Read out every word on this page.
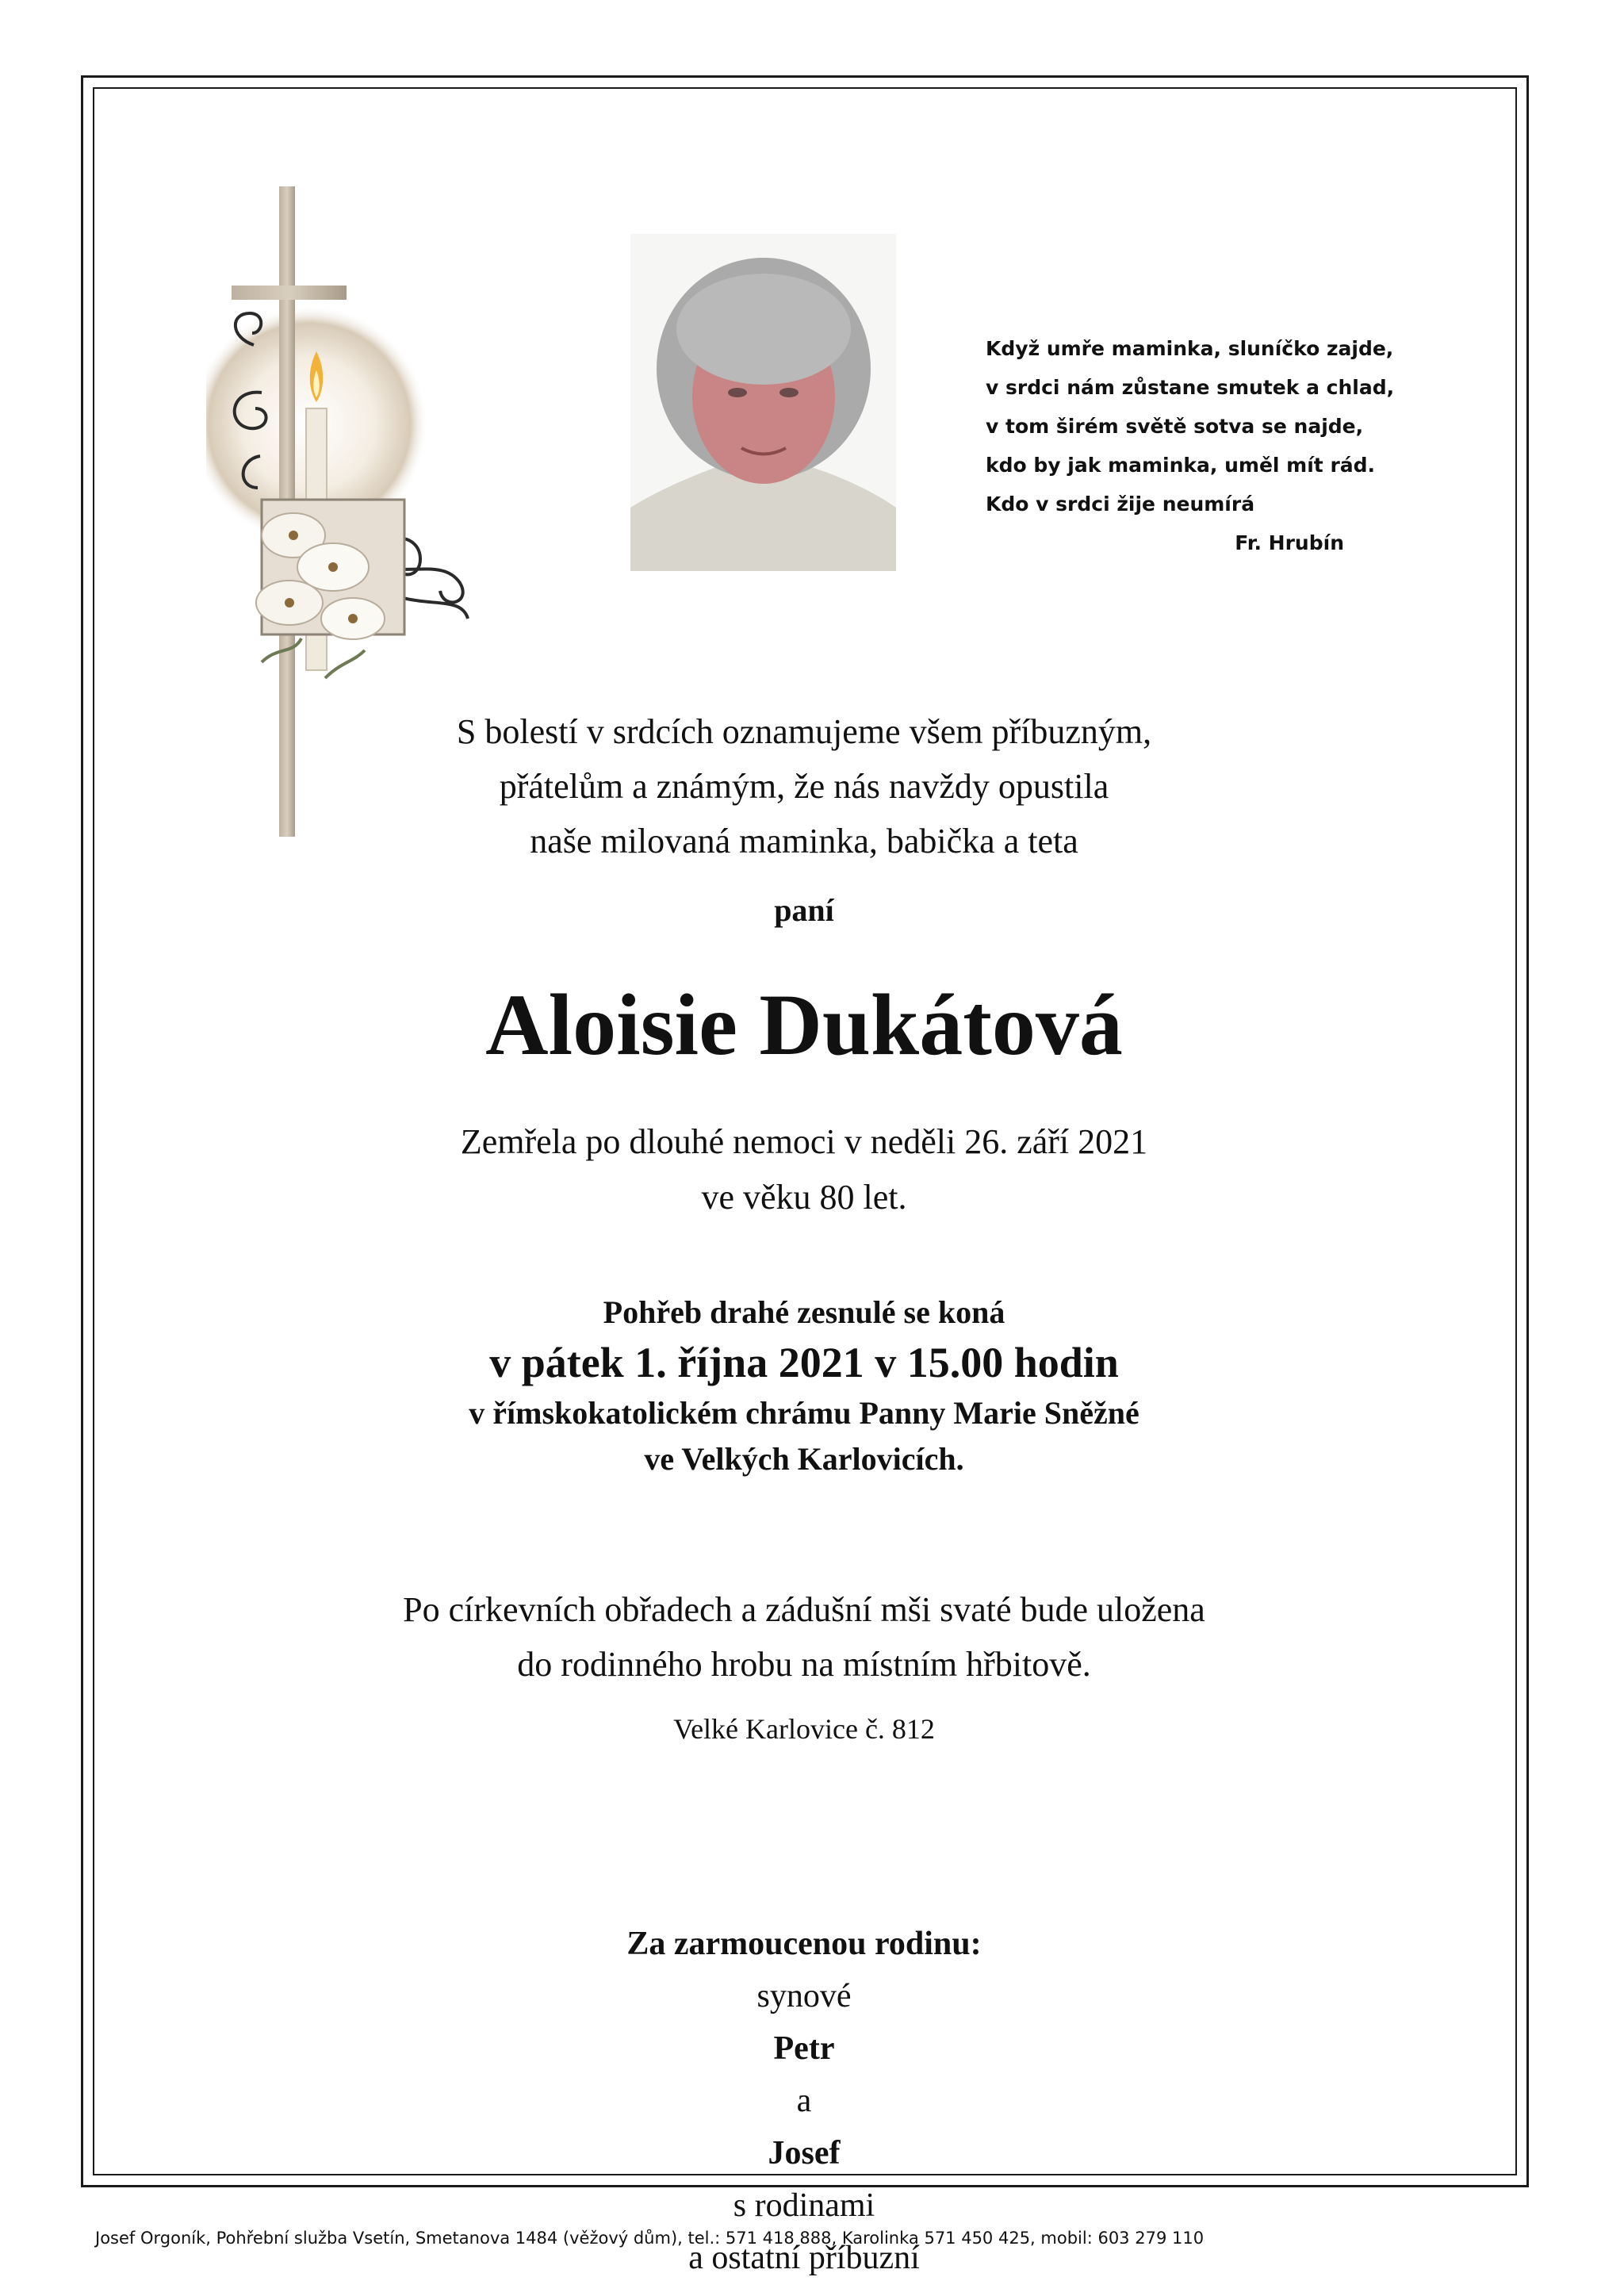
Když umře maminka, sluníčko zajde,
v srdci nám zůstane smutek a chlad,
v tom širém světě sotva se najde,
kdo by jak maminka, uměl mít rád.
Kdo v srdci žije neumírá
Fr. Hrubín
S bolestí v srdcích oznamujeme všem příbuzným,
přátelům a známým, že nás navždy opustila
naše milovaná maminka, babička a teta
paní
Aloisie Dukátová
Zemřela po dlouhé nemoci v neděli 26. září 2021
ve věku 80 let.
Pohřeb drahé zesnulé se koná
v pátek 1. října 2021 v 15.00 hodin
v římskokatolickém chrámu Panny Marie Sněžné
ve Velkých Karlovicích.
Po církevních obřadech a zádušní mši svaté bude uložena
do rodinného hrobu na místním hřbitově.
Velké Karlovice č. 812
Za zarmoucenou rodinu:
synové
Petr
a
Josef
s rodinami
a ostatní příbuzní
Josef Orgoník, Pohřební služba Vsetín, Smetanova 1484 (věžový dům), tel.: 571 418 888, Karolinka 571 450 425, mobil: 603 279 110
